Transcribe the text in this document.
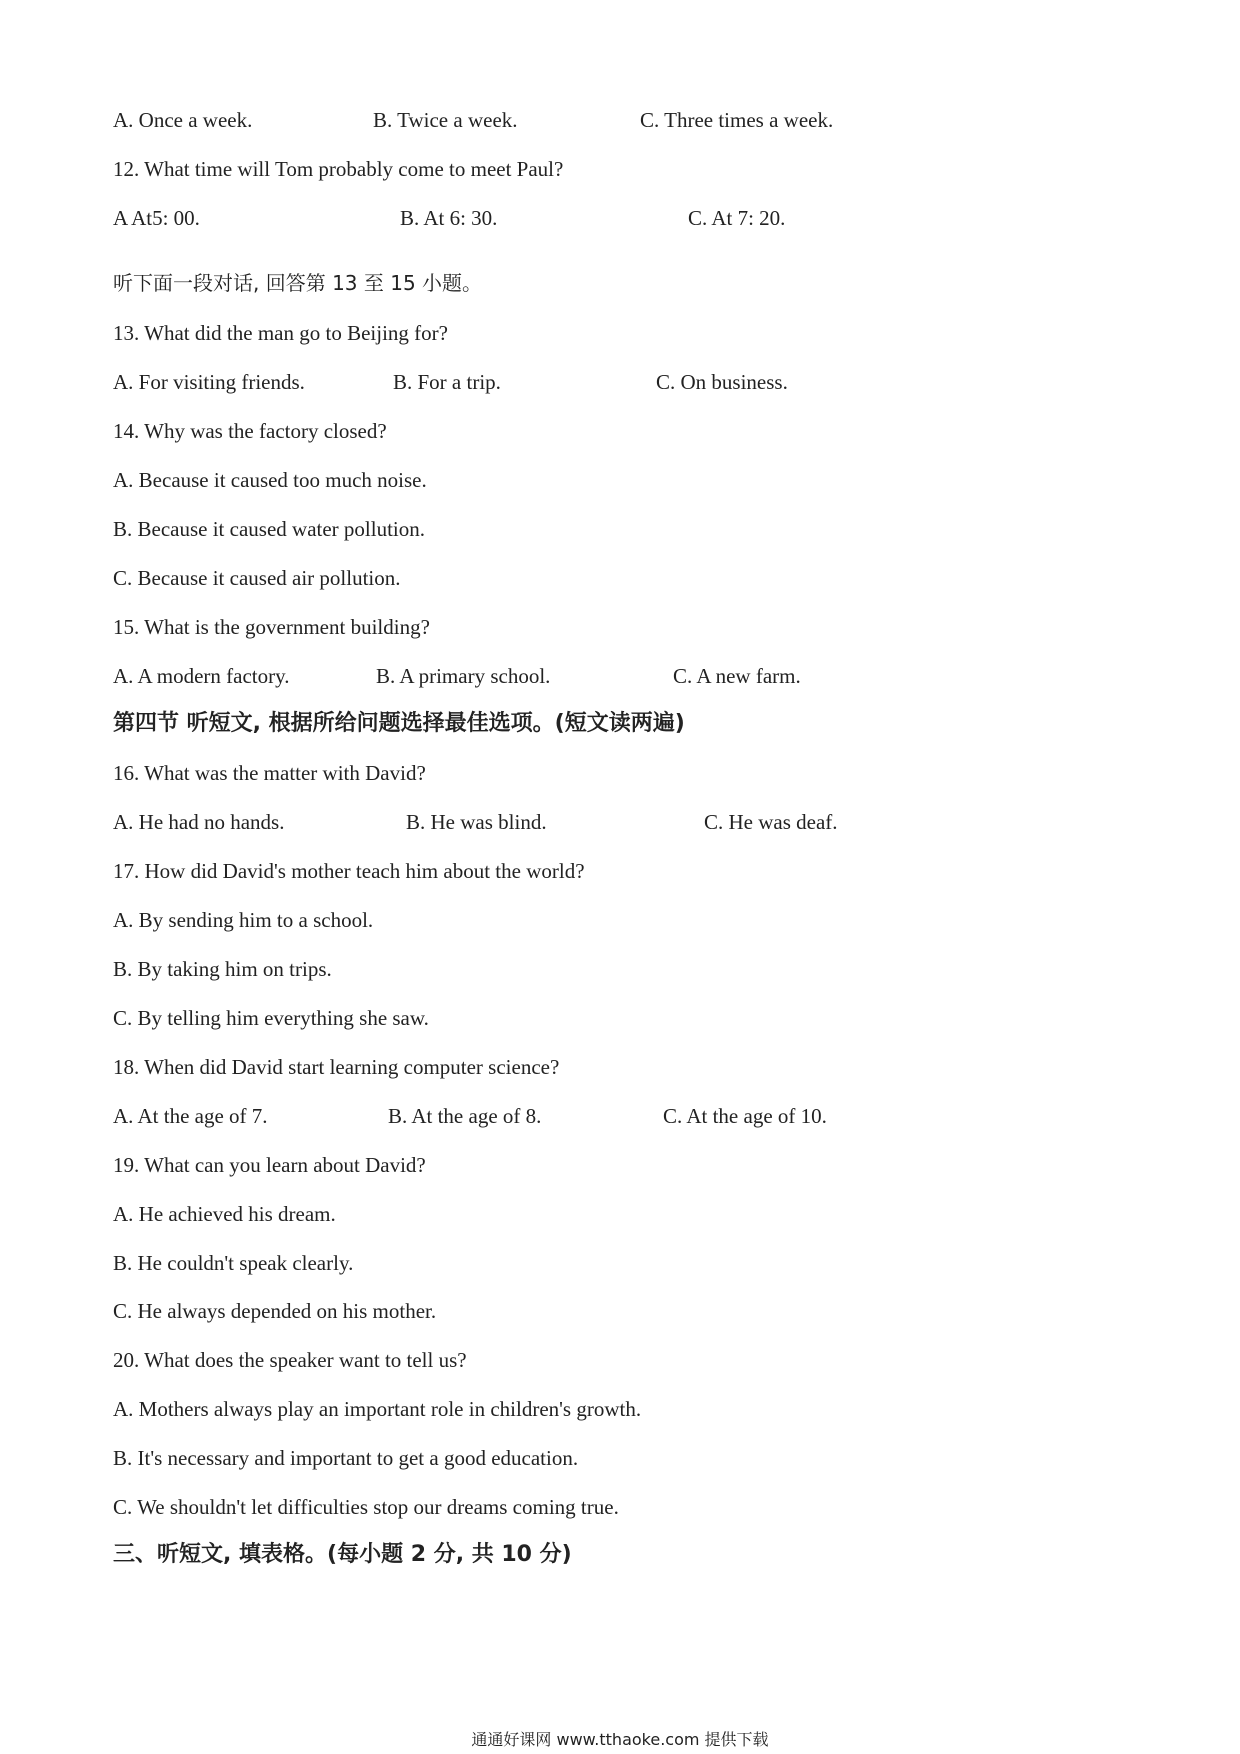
A. Once a week.	B. Twice a week.	C. Three times a week.
12. What time will Tom probably come to meet Paul?
A At5: 00.	B. At 6: 30.	C. At 7: 20.
听下面一段对话, 回答第 13 至 15 小题。
13. What did the man go to Beijing for?
A. For visiting friends.	B. For a trip.	C. On business.
14. Why was the factory closed?
A. Because it caused too much noise.
B. Because it caused water pollution.
C. Because it caused air pollution.
15. What is the government building?
A. A modern factory.	B. A primary school.	C. A new farm.
第四节 听短文, 根据所给问题选择最佳选项。(短文读两遍)
16. What was the matter with David?
A. He had no hands.	B. He was blind.	C. He was deaf.
17. How did David's mother teach him about the world?
A. By sending him to a school.
B. By taking him on trips.
C. By telling him everything she saw.
18. When did David start learning computer science?
A. At the age of 7.	B. At the age of 8.	C. At the age of 10.
19. What can you learn about David?
A. He achieved his dream.
B. He couldn't speak clearly.
C. He always depended on his mother.
20. What does the speaker want to tell us?
A. Mothers always play an important role in children's growth.
B. It's necessary and important to get a good education.
C. We shouldn't let difficulties stop our dreams coming true.
三、听短文, 填表格。(每小题 2 分, 共 10 分)
通通好课网 www.tthaoke.com 提供下载
